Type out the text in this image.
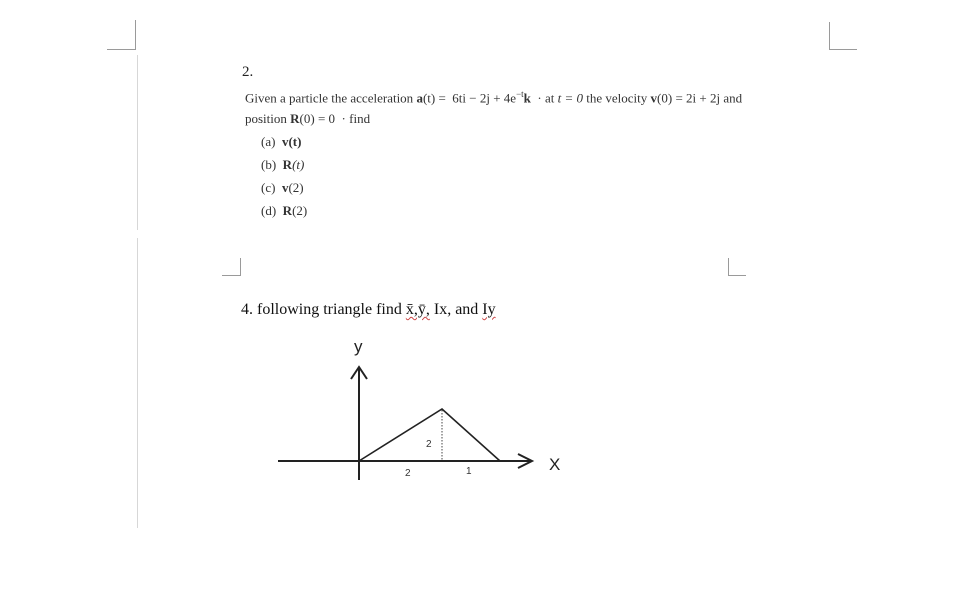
2.
Given a particle the acceleration $a(t) = 6ti - 2j + 4e^{-t}k$ · at t = 0 the velocity v(0) = 2i + 2j and
position R(0) = 0 · find
(a) v(t)
(b) R(t)
(c) v(2)
(d) R(2)
4. following triangle find x̄,ȳ, Ix, and Iy
y
X
2
2	1
